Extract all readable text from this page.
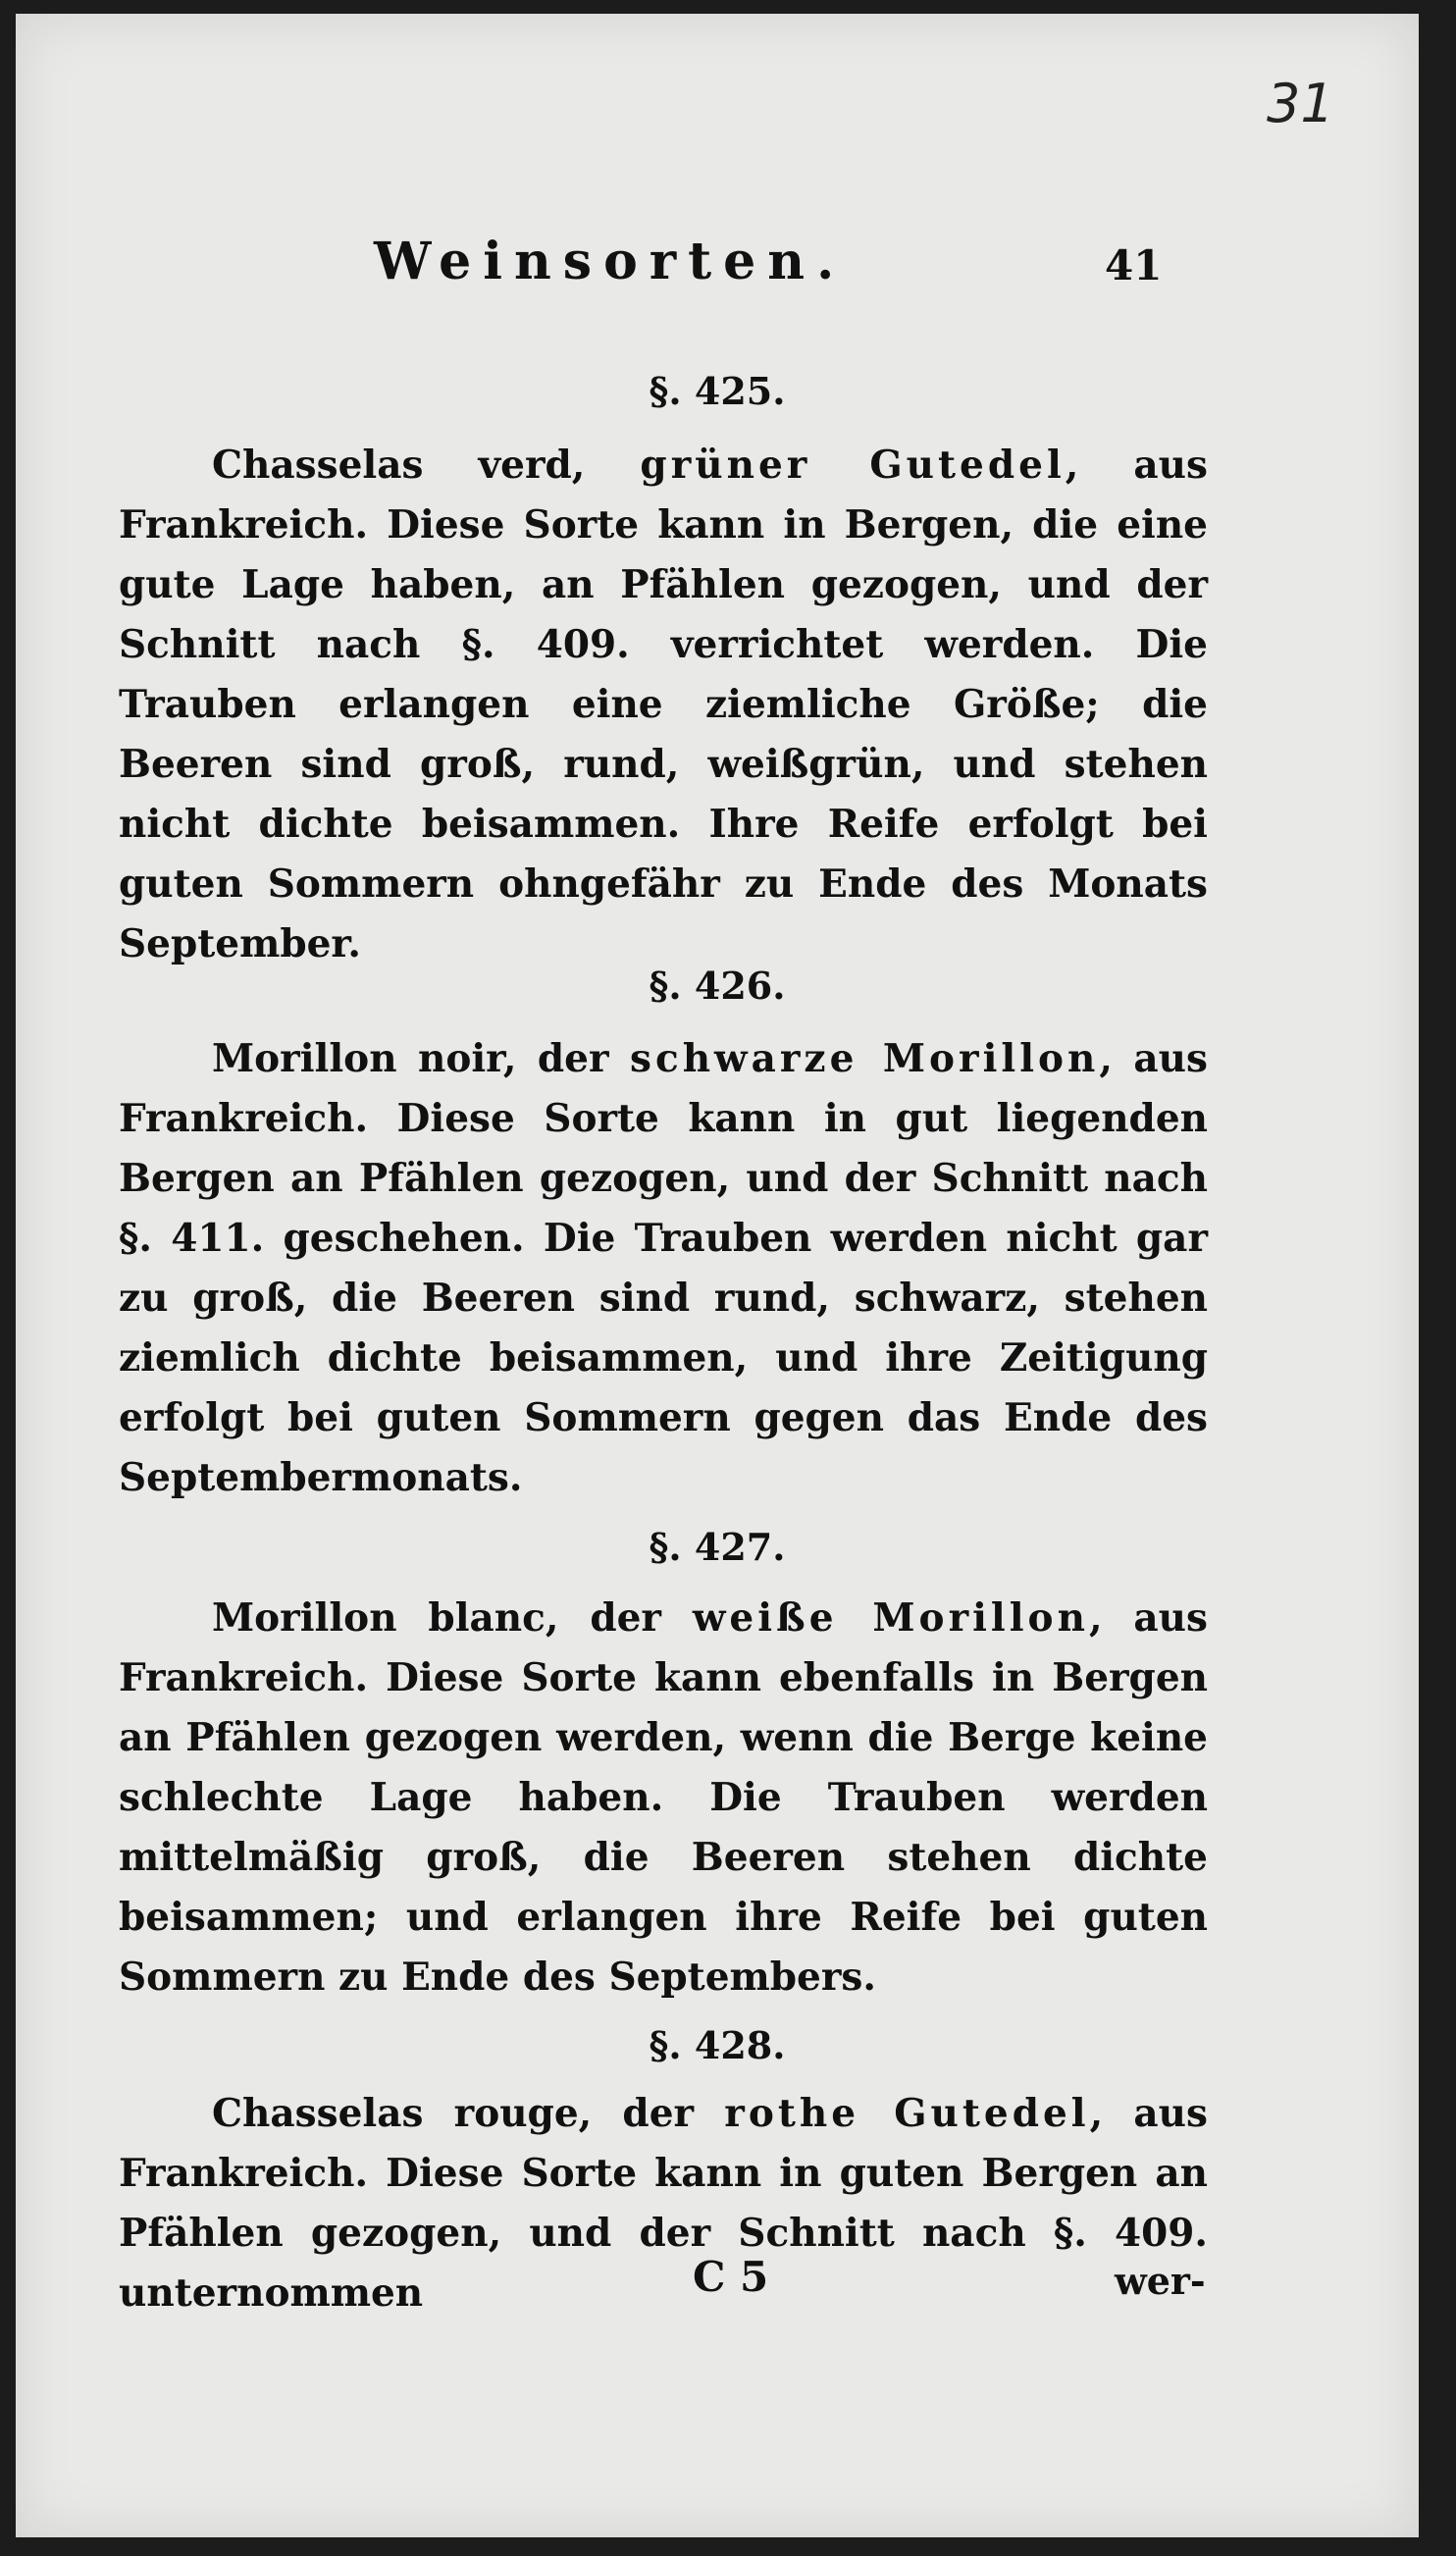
31
Weinsorten.	41
§. 425.

Chasselas verd, grüner Gutedel, aus Frankreich. Diese Sorte kann in Bergen, die eine gute Lage haben, an Pfählen gezogen, und der Schnitt nach §. 409. verrichtet werden. Die Trauben erlangen eine ziemliche Größe; die Beeren sind groß, rund, weißgrün, und stehen nicht dichte beisammen. Ihre Reife erfolgt bei guten Sommern ohngefähr zu Ende des Monats September.

§. 426.

Morillon noir, der schwarze Morillon, aus Frankreich. Diese Sorte kann in gut liegenden Bergen an Pfählen gezogen, und der Schnitt nach §. 411. geschehen. Die Trauben werden nicht gar zu groß, die Beeren sind rund, schwarz, stehen ziemlich dichte beisammen, und ihre Zeitigung erfolgt bei guten Sommern gegen das Ende des Septembermonats.

§. 427.

Morillon blanc, der weiße Morillon, aus Frankreich. Diese Sorte kann ebenfalls in Bergen an Pfählen gezogen werden, wenn die Berge keine schlechte Lage haben. Die Trauben werden mittelmäßig groß, die Beeren stehen dichte beisammen; und erlangen ihre Reife bei guten Sommern zu Ende des Septembers.

§. 428.

Chasselas rouge, der rothe Gutedel, aus Frankreich. Diese Sorte kann in guten Bergen an Pfählen gezogen, und der Schnitt nach §. 409. unternommen	C 5	wer-
